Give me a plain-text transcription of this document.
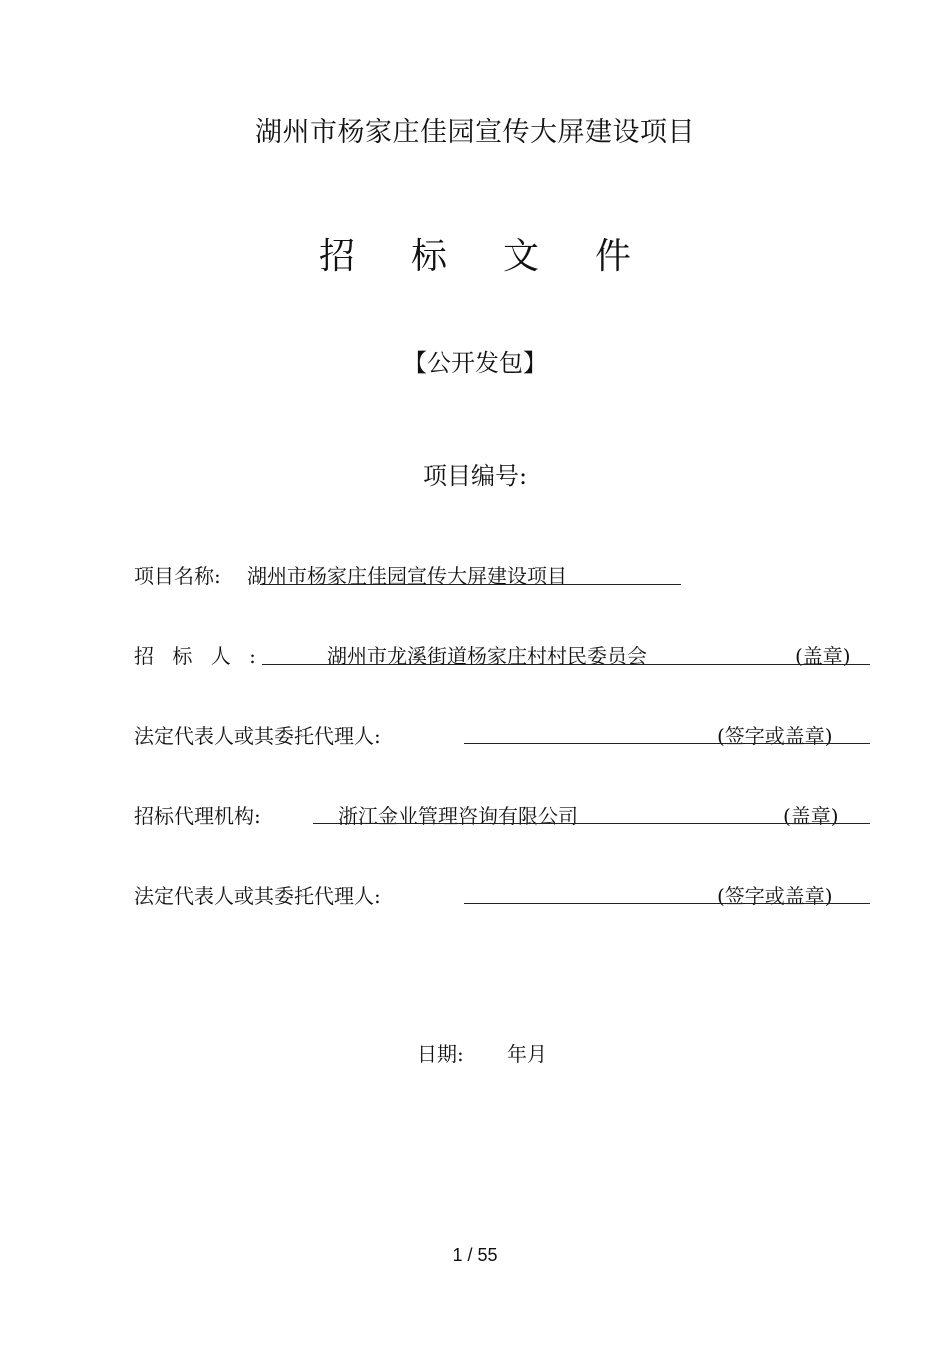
湖州市杨家庄佳园宣传大屏建设项目
招标文件
【公开发包】
项目编号:
项目名称: 湖州市杨家庄佳园宣传大屏建设项目
招 标 人 :	湖州市龙溪街道杨家庄村村民委员会	(盖章)
法定代表人或其委托代理人:	(签字或盖章)
招标代理机构:	浙江金业管理咨询有限公司	(盖章)
法定代表人或其委托代理人:	(签字或盖章)
日期: 年月
1 / 55
